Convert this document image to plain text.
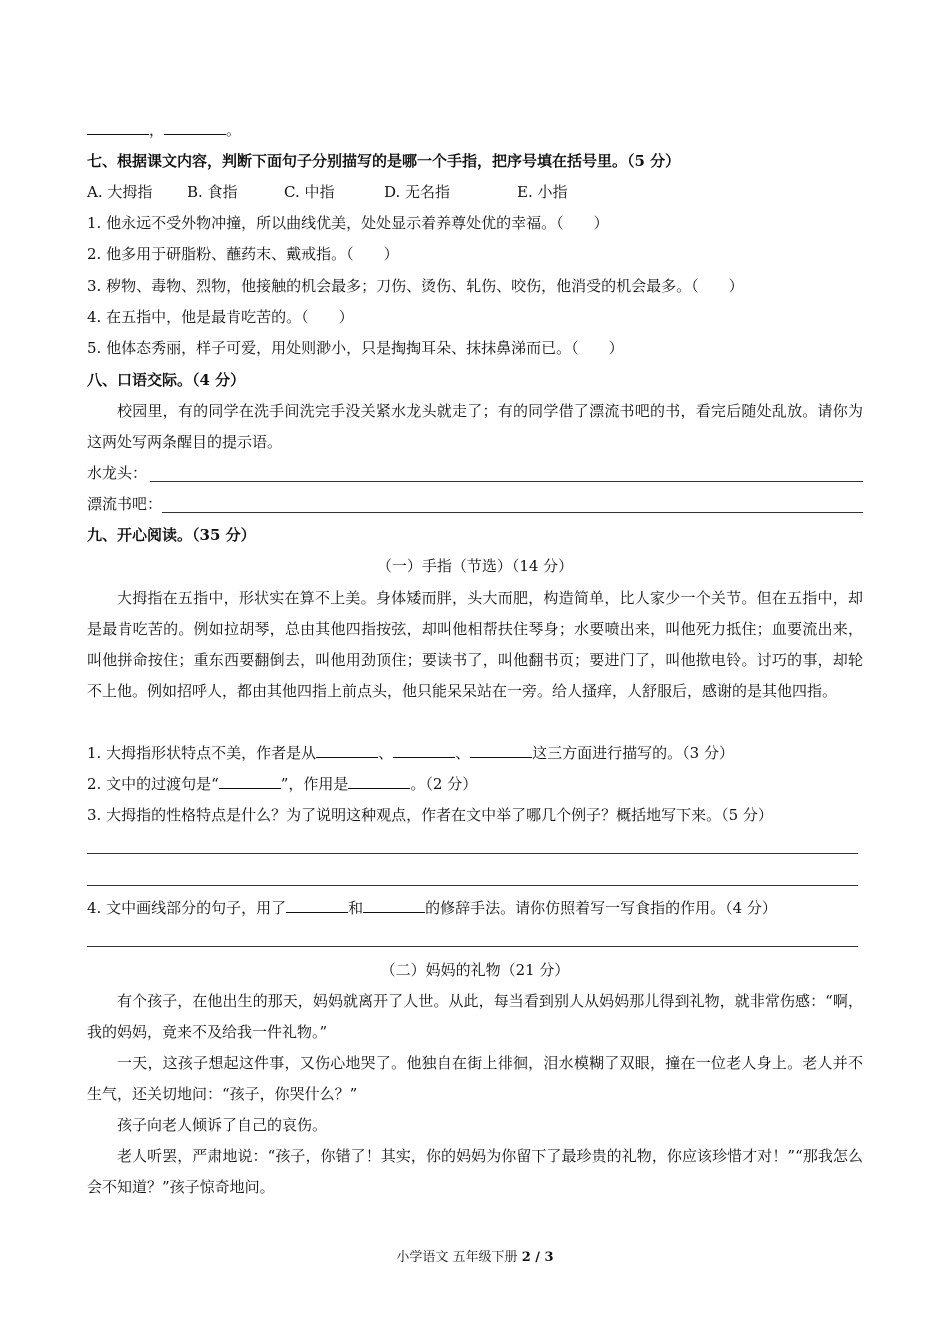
，	。
七、根据课文内容，判断下面句子分别描写的是哪一个手指，把序号填在括号里。（5 分）
A. 大拇指 B. 食指	C. 中指	D. 无名指	E. 小指
1. 他永远不受外物冲撞，所以曲线优美，处处显示着养尊处优的幸福。（　　）
2. 他多用于研脂粉、蘸药末、戴戒指。（　　）
3. 秽物、毒物、烈物，他接触的机会最多；刀伤、烫伤、轧伤、咬伤，他消受的机会最多。（　　）
4. 在五指中，他是最肯吃苦的。（　　）
5. 他体态秀丽，样子可爱，用处则渺小，只是掏掏耳朵、抹抹鼻涕而已。（　　）
八、口语交际。（4 分）
校园里，有的同学在洗手间洗完手没关紧水龙头就走了；有的同学借了漂流书吧的书，看完后随处乱放。请你为这两处写两条醒目的提示语。
水龙头：
漂流书吧：
九、开心阅读。（35 分）
（一）手指（节选）（14 分）
大拇指在五指中，形状实在算不上美。身体矮而胖，头大而肥，构造简单，比人家少一个关节。但在五指中，却是最肯吃苦的。例如拉胡琴，总由其他四指按弦，却叫他相帮扶住琴身；水要喷出来，叫他死力抵住；血要流出来，叫他拼命按住；重东西要翻倒去，叫他用劲顶住；要读书了，叫他翻书页；要进门了，叫他揿电铃。讨巧的事，却轮不上他。例如招呼人，都由其他四指上前点头，他只能呆呆站在一旁。给人搔痒，人舒服后，感谢的是其他四指。
1. 大拇指形状特点不美，作者是从	、	、	这三方面进行描写的。（3 分）
2. 文中的过渡句是“	”，作用是	。（2 分）
3. 大拇指的性格特点是什么？为了说明这种观点，作者在文中举了哪几个例子？概括地写下来。（5 分）
4. 文中画线部分的句子，用了	和	的修辞手法。请你仿照着写一写食指的作用。（4 分）
（二）妈妈的礼物（21 分）
有个孩子，在他出生的那天，妈妈就离开了人世。从此，每当看到别人从妈妈那儿得到礼物，就非常伤感：“啊，我的妈妈，竟来不及给我一件礼物。”
一天，这孩子想起这件事，又伤心地哭了。他独自在街上徘徊，泪水模糊了双眼，撞在一位老人身上。老人并不生气，还关切地问：“孩子，你哭什么？”
孩子向老人倾诉了自己的哀伤。
老人听罢，严肃地说：“孩子，你错了！其实，你的妈妈为你留下了最珍贵的礼物，你应该珍惜才对！”“那我怎么会不知道？”孩子惊奇地问。
小学语文 五年级下册 2 / 3
